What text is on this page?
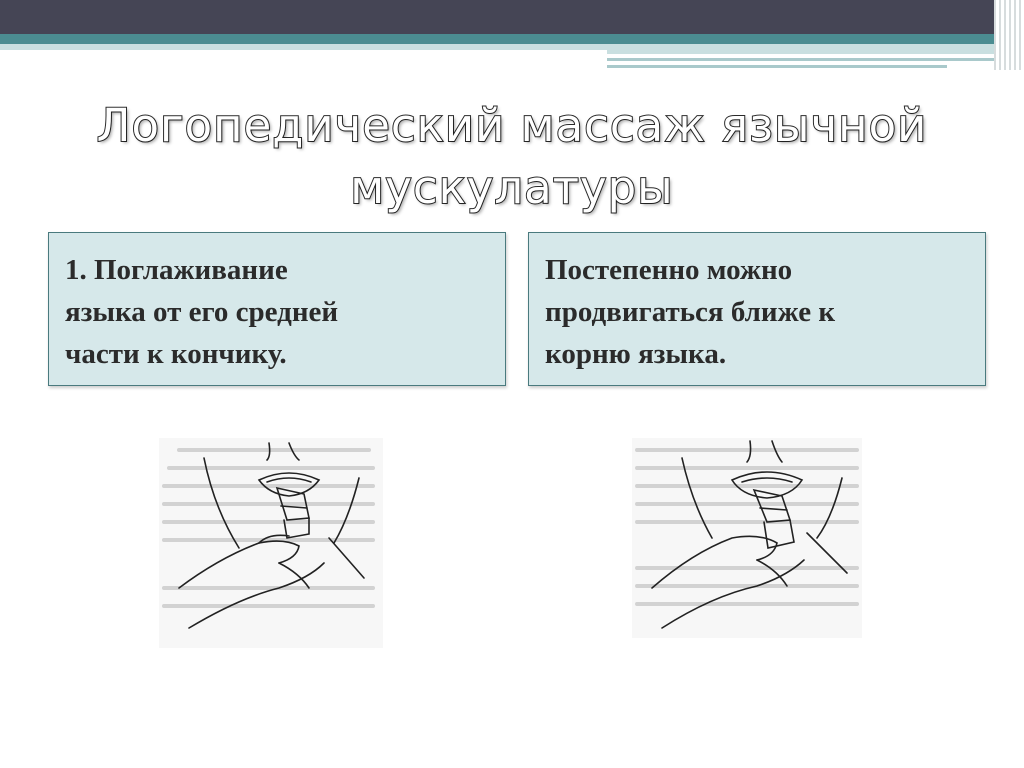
Логопедический массаж язычной мускулатуры
1. Поглаживание
языка от его средней
части к кончику.
Постепенно можно
продвигаться ближе к
корню языка.
